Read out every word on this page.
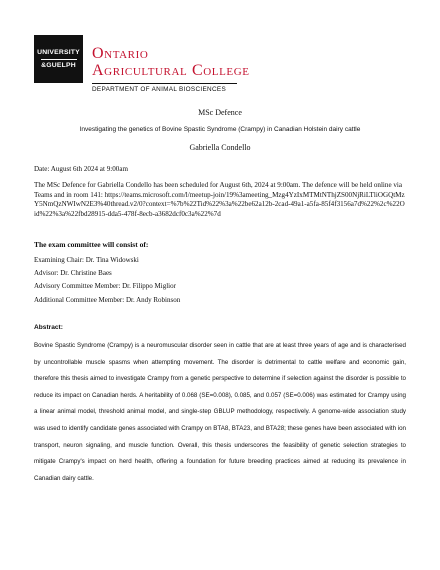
UNIVERSITY
&GUELPH
Ontario
Agricultural College
DEPARTMENT OF ANIMAL BIOSCIENCES
MSc Defence
Investigating the genetics of Bovine Spastic Syndrome (Crampy) in Canadian Holstein dairy cattle
Gabriella Condello
Date: August 6th 2024 at 9:00am
The MSc Defence for Gabriella Condello has been scheduled for August 6th, 2024 at 9:00am. The defence will be held online via Teams and in room 141: https://teams.microsoft.com/l/meetup-join/19%3ameeting_Mzg4YzIxMTMtNThjZS00NjRiLTliOGQtMzY5NmQzNWIwN2E3%40thread.v2/0?context=%7b%22Tid%22%3a%22be62a12b-2cad-49a1-a5fa-85f4f3156a7d%22%2c%22Oid%22%3a%22fbd28915-dda5-478f-8ecb-a3682dcf0c3a%22%7d
The exam committee will consist of:
Examining Chair: Dr. Tina Widowski
Advisor: Dr. Christine Baes
Advisory Committee Member: Dr. Filippo Miglior
Additional Committee Member: Dr. Andy Robinson
Abstract:
Bovine Spastic Syndrome (Crampy) is a neuromuscular disorder seen in cattle that are at least three years of age and is characterised by uncontrollable muscle spasms when attempting movement. The disorder is detrimental to cattle welfare and economic gain, therefore this thesis aimed to investigate Crampy from a genetic perspective to determine if selection against the disorder is possible to reduce its impact on Canadian herds. A heritability of 0.068 (SE=0.008), 0.085, and 0.057 (SE=0.006) was estimated for Crampy using a linear animal model, threshold animal model, and single-step GBLUP methodology, respectively. A genome-wide association study was used to identify candidate genes associated with Crampy on BTA8, BTA23, and BTA28; these genes have been associated with ion transport, neuron signaling, and muscle function. Overall, this thesis underscores the feasibility of genetic selection strategies to mitigate Crampy's impact on herd health, offering a foundation for future breeding practices aimed at reducing its prevalence in Canadian dairy cattle.
